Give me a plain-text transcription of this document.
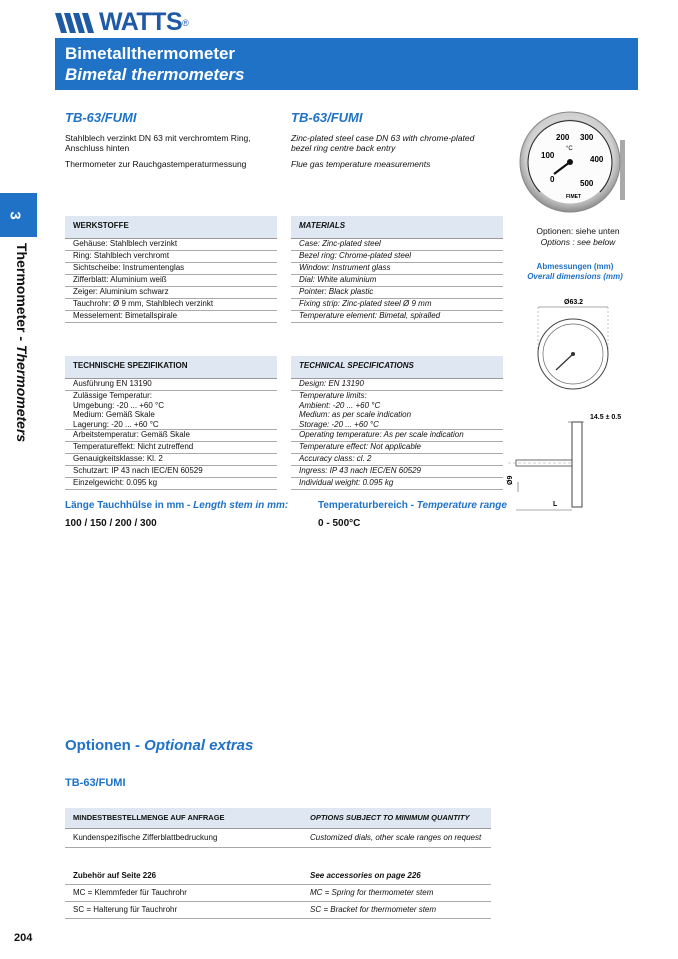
WATTS ®
Bimetallthermometer
Bimetal thermometers
3
Thermometer - Thermometers
TB-63/FUMI	TB-63/FUMI
Stahlblech verzinkt DN 63 mit verchromtem Ring,
Anschluss hinten
Thermometer zur Rauchgastemperaturmessung
Zinc-plated steel case DN 63 with chrome-plated
bezel ring centre back entry
Flue gas temperature measurements
WERKSTOFFE
Gehäuse: Stahlblech verzinkt
Ring: Stahlblech verchromt
Sichtscheibe: Instrumentenglas
Zifferblatt: Aluminium weiß
Zeiger: Aluminium schwarz
Tauchrohr: Ø 9 mm, Stahlblech verzinkt
Messelement: Bimetallspirale
MATERIALS
Case: Zinc-plated steel
Bezel ring: Chrome-plated steel
Window: Instrument glass
Dial: White aluminium
Pointer: Black plastic
Fixing strip: Zinc-plated steel Ø 9 mm
Temperature element: Bimetal, spiralled
TECHNISCHE SPEZIFIKATION
Ausführung EN 13190
Zulässige Temperatur:
Umgebung: -20 ... +60 °C
Medium: Gemäß Skale
Lagerung: -20 ... +60 °C
Arbeitstemperatur: Gemäß Skale
Temperatureffekt: Nicht zutreffend
Genauigkeitsklasse: Kl. 2
Schutzart: IP 43 nach IEC/EN 60529
Einzelgewicht: 0.095 kg
TECHNICAL SPECIFICATIONS
Design: EN 13190
Temperature limits:
Ambient: -20 ... +60 °C
Medium: as per scale indication
Storage: -20 ... +60 °C
Operating temperature: As per scale indication
Temperature effect: Not applicable
Accuracy class: cl. 2
Ingress: IP 43 nach IEC/EN 60529
Individual weight: 0.095 kg
Länge Tauchhülse in mm - Length stem in mm:
100 / 150 / 200 / 300
Temperaturbereich - Temperature range
0 - 500°C
200 300
100	400
0	500
°C
FIMET
Optionen: siehe unten
Options : see below
Abmessungen (mm)
Overall dimensions (mm)
Ø63.2
14.5 ± 0.5
Ø9
L
Optionen - Optional extras
TB-63/FUMI
MINDESTBESTELLMENGE AUF ANFRAGE	OPTIONS SUBJECT TO MINIMUM QUANTITY
Kundenspezifische Zifferblattbedruckung	Customized dials, other scale ranges on request
Zubehör auf Seite 226	See accessories on page 226
MC = Klemmfeder für Tauchrohr	MC = Spring for thermometer stem
SC = Halterung für Tauchrohr	SC = Bracket for thermometer stem
204
